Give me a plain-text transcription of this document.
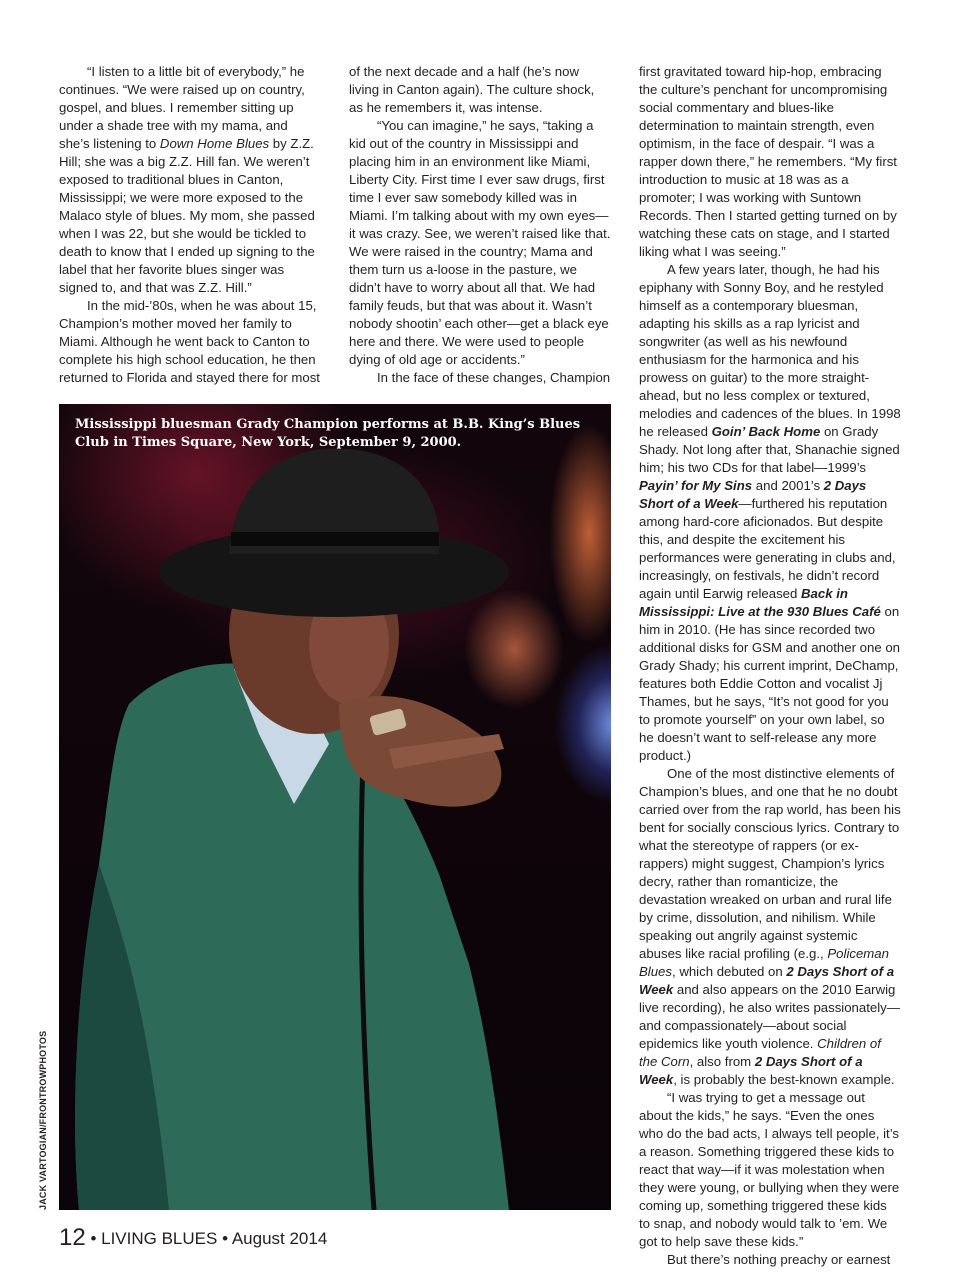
“I listen to a little bit of everybody,” he continues. “We were raised up on country, gospel, and blues. I remember sitting up under a shade tree with my mama, and she’s listening to Down Home Blues by Z.Z. Hill; she was a big Z.Z. Hill fan. We weren’t exposed to traditional blues in Canton, Mississippi; we were more exposed to the Malaco style of blues. My mom, she passed when I was 22, but she would be tickled to death to know that I ended up signing to the label that her favorite blues singer was signed to, and that was Z.Z. Hill.”

In the mid-’80s, when he was about 15, Champion’s mother moved her family to Miami. Although he went back to Canton to complete his high school education, he then returned to Florida and stayed there for most

of the next decade and a half (he’s now living in Canton again). The culture shock, as he remembers it, was intense.

“You can imagine,” he says, “taking a kid out of the country in Mississippi and placing him in an environment like Miami, Liberty City. First time I ever saw drugs, first time I ever saw somebody killed was in Miami. I’m talking about with my own eyes—it was crazy. See, we weren’t raised like that. We were raised in the country; Mama and them turn us a-loose in the pasture, we didn’t have to worry about all that. We had family feuds, but that was about it. Wasn’t nobody shootin’ each other—get a black eye here and there. We were used to people dying of old age or accidents.”

In the face of these changes, Champion

first gravitated toward hip-hop, embracing the culture’s penchant for uncompromising social commentary and blues-like determination to maintain strength, even optimism, in the face of despair. “I was a rapper down there,” he remembers. “My first introduction to music at 18 was as a promoter; I was working with Suntown Records. Then I started getting turned on by watching these cats on stage, and I started liking what I was seeing.”

A few years later, though, he had his epiphany with Sonny Boy, and he restyled himself as a contemporary bluesman, adapting his skills as a rap lyricist and songwriter (as well as his newfound enthusiasm for the harmonica and his prowess on guitar) to the more straight-ahead, but no less complex or textured, melodies and cadences of the blues. In 1998 he released Goin’ Back Home on Grady Shady. Not long after that, Shanachie signed him; his two CDs for that label—1999’s Payin’ for My Sins and 2001’s 2 Days Short of a Week—furthered his reputation among hard-core aficionados. But despite this, and despite the excitement his performances were generating in clubs and, increasingly, on festivals, he didn’t record again until Earwig released Back in Mississippi: Live at the 930 Blues Café on him in 2010. (He has since recorded two additional disks for GSM and another one on Grady Shady; his current imprint, DeChamp, features both Eddie Cotton and vocalist Jj Thames, but he says, “It’s not good for you to promote yourself” on your own label, so he doesn’t want to self-release any more product.)

One of the most distinctive elements of Champion’s blues, and one that he no doubt carried over from the rap world, has been his bent for socially conscious lyrics. Contrary to what the stereotype of rappers (or ex-rappers) might suggest, Champion’s lyrics decry, rather than romanticize, the devastation wreaked on urban and rural life by crime, dissolution, and nihilism. While speaking out angrily against systemic abuses like racial profiling (e.g., Policeman Blues, which debuted on 2 Days Short of a Week and also appears on the 2010 Earwig live recording), he also writes passionately—and compassionately—about social epidemics like youth violence. Children of the Corn, also from 2 Days Short of a Week, is probably the best-known example.

“I was trying to get a message out about the kids,” he says. “Even the ones who do the bad acts, I always tell people, it’s a reason. Something triggered these kids to react that way—if it was molestation when they were young, or bullying when they were coming up, something triggered these kids to snap, and nobody would talk to ’em. We got to help save these kids.”

But there’s nothing preachy or earnest

Mississippi bluesman Grady Champion performs at B.B. King’s Blues Club in Times Square, New York, September 9, 2000.
JACK VARTOGIAN/FRONTROWPHOTOS
12 • LIVING BLUES • August 2014
